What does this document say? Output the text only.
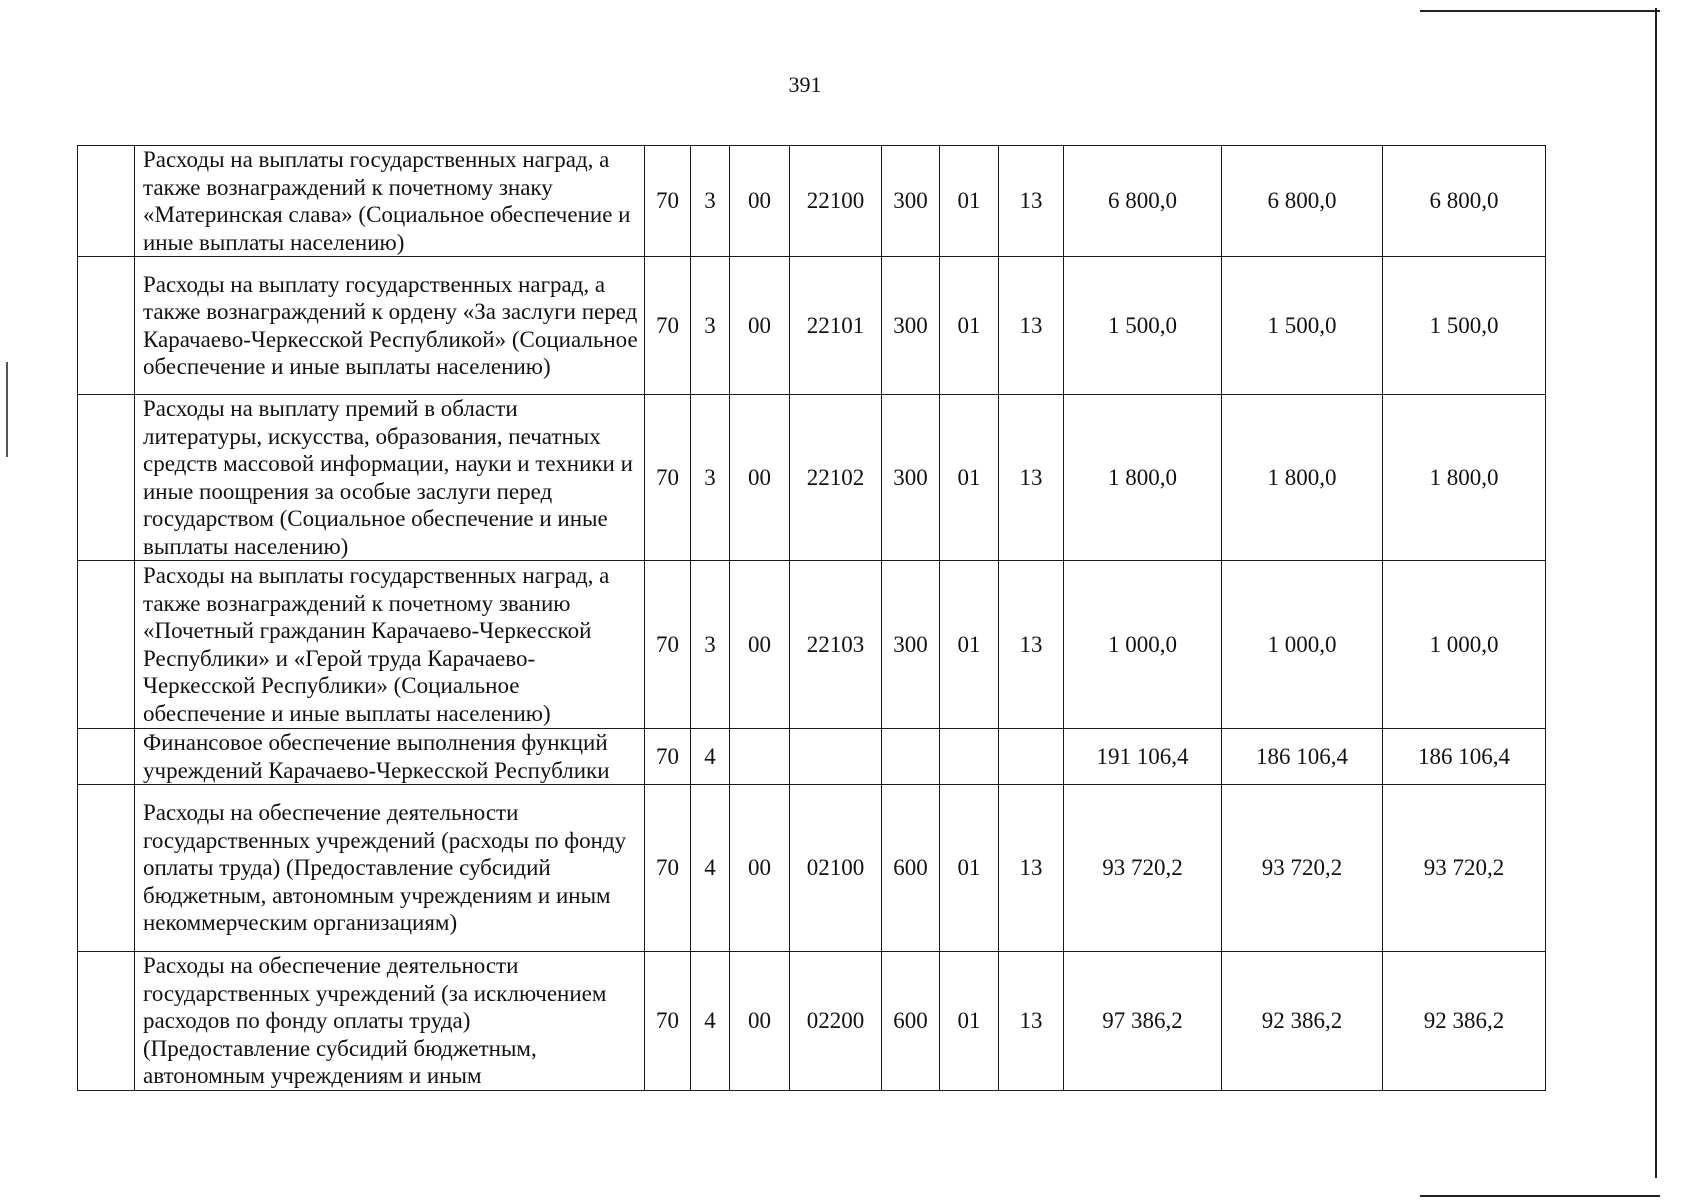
391
	Расходы на выплаты государственных наград, а также вознаграждений к почетному знаку «Материнская слава» (Социальное обеспечение и иные выплаты населению)	70	3	00	22100	300	01	13	6 800,0	6 800,0	6 800,0
	Расходы на выплату государственных наград, а также вознаграждений к ордену «За заслуги перед Карачаево-Черкесской Республикой» (Социальное обеспечение и иные выплаты населению)	70	3	00	22101	300	01	13	1 500,0	1 500,0	1 500,0
	Расходы на выплату премий в области литературы, искусства, образования, печатных средств массовой информации, науки и техники и иные поощрения за особые заслуги перед государством (Социальное обеспечение и иные выплаты населению)	70	3	00	22102	300	01	13	1 800,0	1 800,0	1 800,0
	Расходы на выплаты государственных наград, а также вознаграждений к почетному званию «Почетный гражданин Карачаево-Черкесской Республики» и «Герой труда Карачаево-Черкесской Республики» (Социальное обеспечение и иные выплаты населению)	70	3	00	22103	300	01	13	1 000,0	1 000,0	1 000,0
	Финансовое обеспечение выполнения функций учреждений Карачаево-Черкесской Республики	70	4						191 106,4	186 106,4	186 106,4
	Расходы на обеспечение деятельности государственных учреждений (расходы по фонду оплаты труда) (Предоставление субсидий бюджетным, автономным учреждениям и иным некоммерческим организациям)	70	4	00	02100	600	01	13	93 720,2	93 720,2	93 720,2
	Расходы на обеспечение деятельности государственных учреждений (за исключением расходов по фонду оплаты труда) (Предоставление субсидий бюджетным, автономным учреждениям и иным	70	4	00	02200	600	01	13	97 386,2	92 386,2	92 386,2
